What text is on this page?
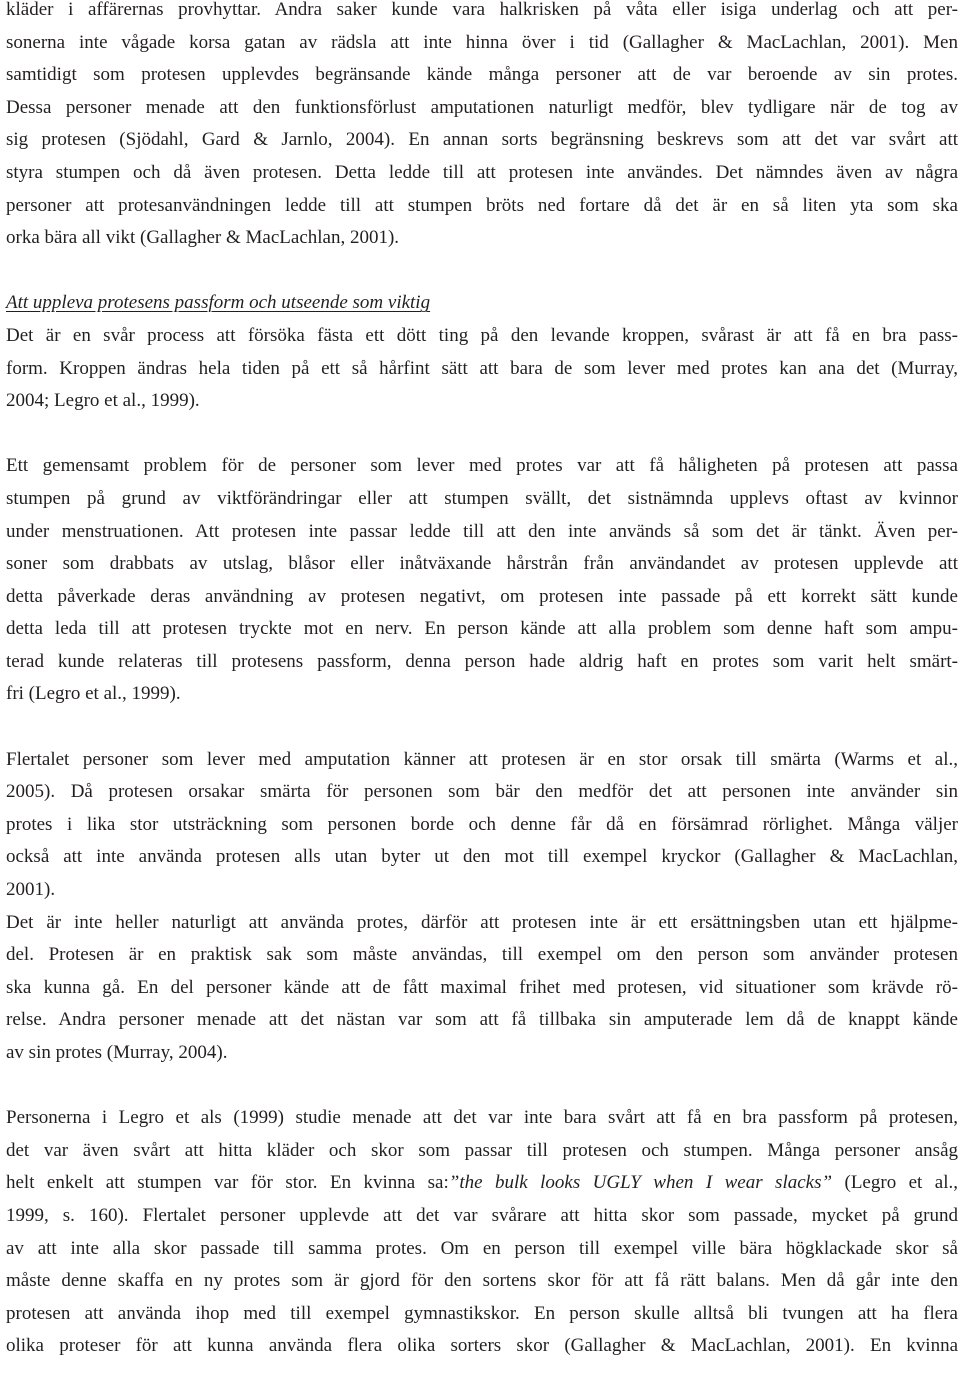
kläder i affärernas provhyttar. Andra saker kunde vara halkrisken på våta eller isiga underlag och att per-
sonerna inte vågade korsa gatan av rädsla att inte hinna över i tid (Gallagher & MacLachlan, 2001). Men
samtidigt som protesen upplevdes begränsande kände många personer att de var beroende av sin protes.
Dessa personer menade att den funktionsförlust amputationen naturligt medför, blev tydligare när de tog av
sig protesen (Sjödahl, Gard & Jarnlo, 2004). En annan sorts begränsning beskrevs som att det var svårt att
styra stumpen och då även protesen. Detta ledde till att protesen inte användes. Det nämndes även av några
personer att protesanvändningen ledde till att stumpen bröts ned fortare då det är en så liten yta som ska
orka bära all vikt (Gallagher & MacLachlan, 2001).
Att uppleva protesens passform och utseende som viktig
Det är en svår process att försöka fästa ett dött ting på den levande kroppen, svårast är att få en bra pass-
form. Kroppen ändras hela tiden på ett så hårfint sätt att bara de som lever med protes kan ana det (Murray,
2004; Legro et al., 1999).
Ett gemensamt problem för de personer som lever med protes var att få håligheten på protesen att passa
stumpen på grund av viktförändringar eller att stumpen svällt, det sistnämnda upplevs oftast av kvinnor
under menstruationen. Att protesen inte passar ledde till att den inte används så som det är tänkt. Även per-
soner som drabbats av utslag, blåsor eller inåtväxande hårstrån från användandet av protesen upplevde att
detta påverkade deras användning av protesen negativt, om protesen inte passade på ett korrekt sätt kunde
detta leda till att protesen tryckte mot en nerv. En person kände att alla problem som denne haft som ampu-
terad kunde relateras till protesens passform, denna person hade aldrig haft en protes som varit helt smärt-
fri (Legro et al., 1999).
Flertalet personer som lever med amputation känner att protesen är en stor orsak till smärta (Warms et al.,
2005). Då protesen orsakar smärta för personen som bär den medför det att personen inte använder sin
protes i lika stor utsträckning som personen borde och denne får då en försämrad rörlighet. Många väljer
också att inte använda protesen alls utan byter ut den mot till exempel kryckor (Gallagher & MacLachlan,
2001).
Det är inte heller naturligt att använda protes, därför att protesen inte är ett ersättningsben utan ett hjälpme-
del. Protesen är en praktisk sak som måste användas, till exempel om den person som använder protesen
ska kunna gå. En del personer kände att de fått maximal frihet med protesen, vid situationer som krävde rö-
relse. Andra personer menade att det nästan var som att få tillbaka sin amputerade lem då de knappt kände
av sin protes (Murray, 2004).
Personerna i Legro et als (1999) studie menade att det var inte bara svårt att få en bra passform på protesen,
det var även svårt att hitta kläder och skor som passar till protesen och stumpen. Många personer ansåg
helt enkelt att stumpen var för stor. En kvinna sa:”the bulk looks UGLY when I wear slacks” (Legro et al.,
1999, s. 160). Flertalet personer upplevde att det var svårare att hitta skor som passade, mycket på grund
av att inte alla skor passade till samma protes. Om en person till exempel ville bära högklackade skor så
måste denne skaffa en ny protes som är gjord för den sortens skor för att få rätt balans. Men då går inte den
protesen att använda ihop med till exempel gymnastikskor. En person skulle alltså bli tvungen att ha flera
olika proteser för att kunna använda flera olika sorters skor (Gallagher & MacLachlan, 2001). En kvinna
